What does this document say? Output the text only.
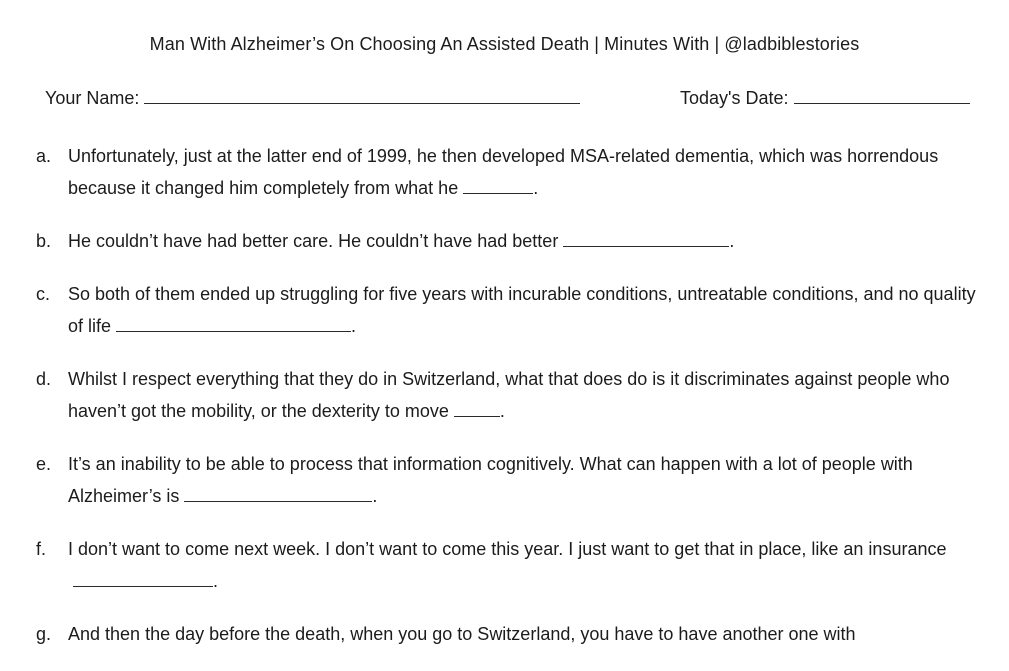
Man With Alzheimer’s On Choosing An Assisted Death | Minutes With | @ladbiblestories
Your Name:	Today's Date:
a. Unfortunately, just at the latter end of 1999, he then developed MSA-related dementia, which was horrendous because it changed him completely from what he	.
b. He couldn’t have had better care. He couldn’t have had better	.
c. So both of them ended up struggling for five years with incurable conditions, untreatable conditions, and no quality of life	.
d. Whilst I respect everything that they do in Switzerland, what that does do is it discriminates against people who haven’t got the mobility, or the dexterity to move	.
e. It’s an inability to be able to process that information cognitively. What can happen with a lot of people with Alzheimer’s is	.
f. I don’t want to come next week. I don’t want to come this year. I just want to get that in place, like an insurance.
g. And then the day before the death, when you go to Switzerland, you have to have another one with
